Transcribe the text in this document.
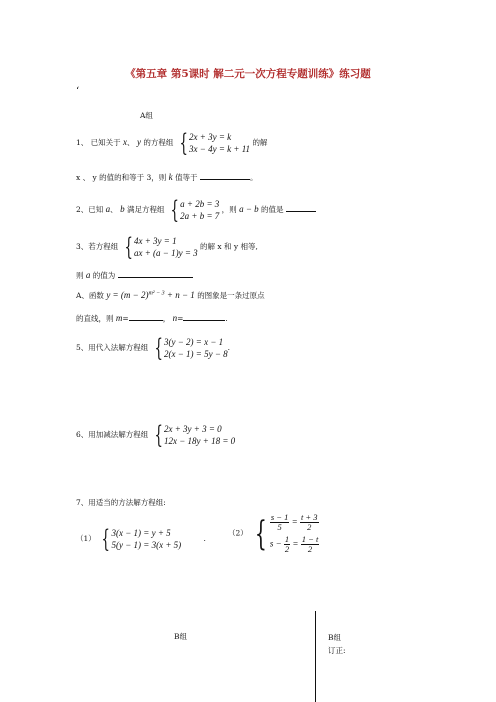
《第五章 第5课时 解二元一次方程专题训练》练习题
‘
A组
1、 已知关于 x、 y 的方程组 { 2x + 3y = k
3x − 4y = k + 11
的解
x 、 y 的值的和等于 3，则 k 值等于	。
2、已知 a、 b 满足方程组 { a + 2b = 3
2a + b = 7
，则 a − b 的值是
3、若方程组 { 4x + 3y = 1
ax + (a − 1)y = 3
的解 x 和 y 相等,
则 a 的值为
A、函数 $y = (m - 2)^{m^2 - 3} + n - 1$ 的图象是一条过原点
的直线，则 m=	， n=	.
5、用代入法解方程组 { 3(y − 2) = x − 1
2(x − 1) = 5y − 8
.
6、用加减法解方程组 { 2x + 3y + 3 = 0
12x − 18y + 18 = 0
7、用适当的方法解方程组:
（1） { 3(x − 1) = y + 5
5(y − 1) = 3(x + 5)
.
（2） { $\frac{s - 1}{5} = \frac{t + 3}{2}$
$s - \frac{1}{2} = \frac{1 - t}{2}$
B组	B组
订正:
